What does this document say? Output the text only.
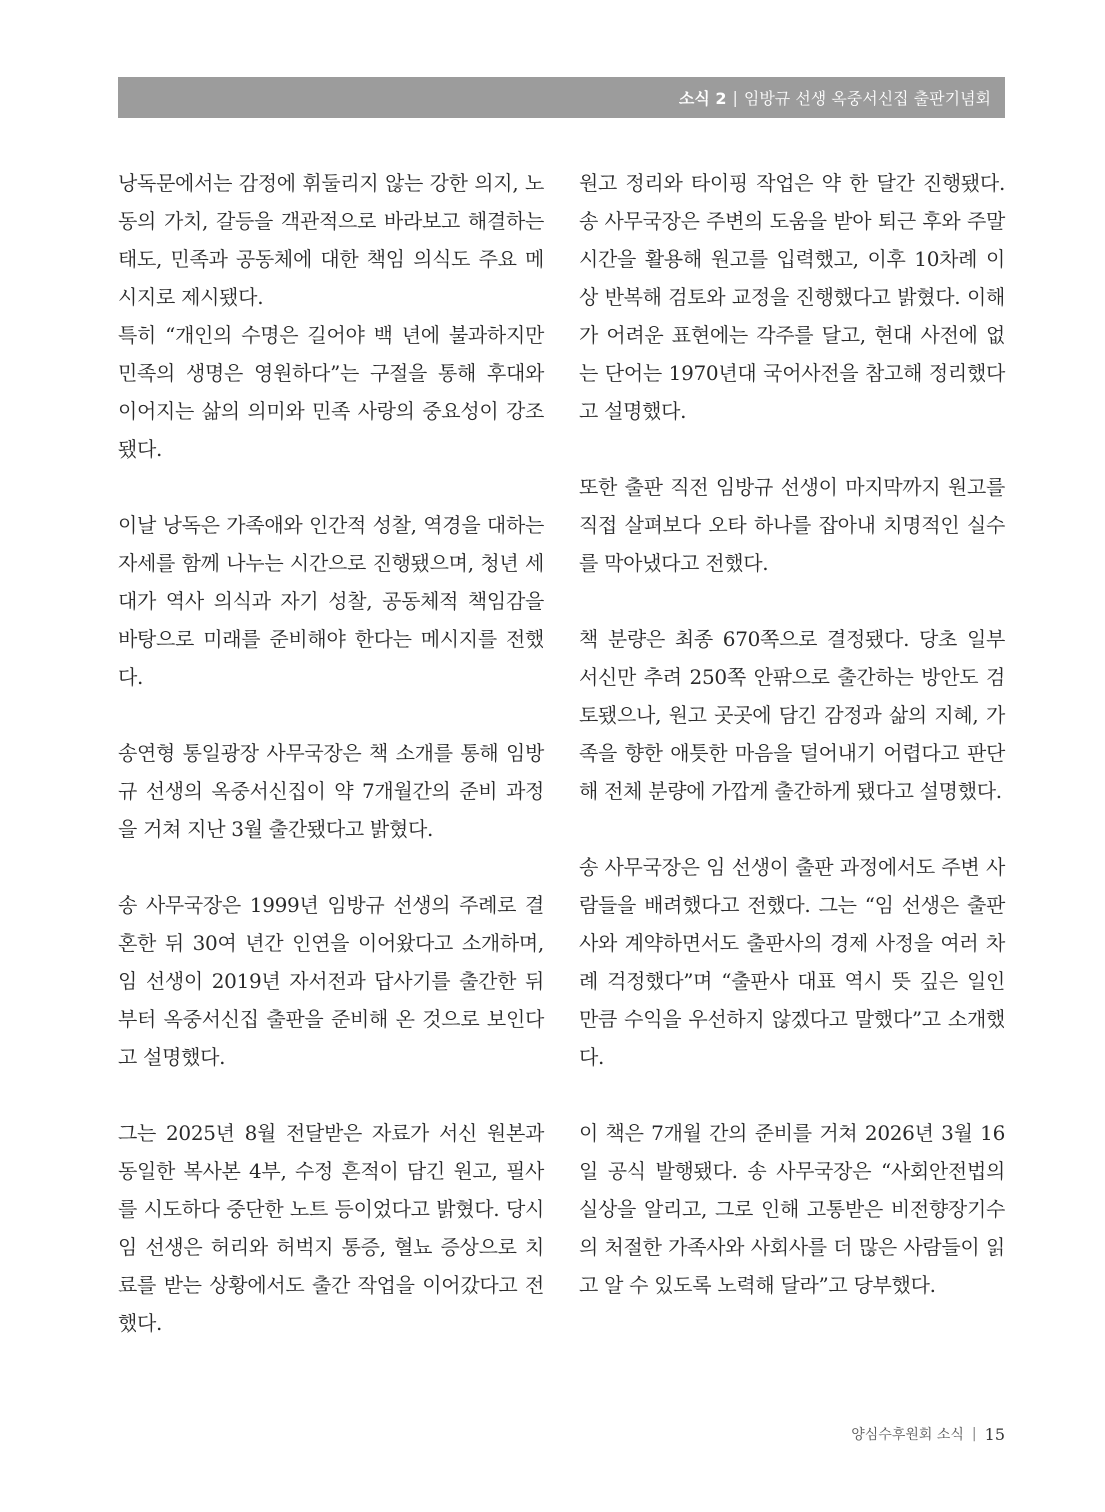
소식 2 | 임방규 선생 옥중서신집 출판기념회

낭독문에서는 감정에 휘둘리지 않는 강한 의지, 노동의 가치, 갈등을 객관적으로 바라보고 해결하는 태도, 민족과 공동체에 대한 책임 의식도 주요 메시지로 제시됐다.

특히 “개인의 수명은 길어야 백 년에 불과하지만 민족의 생명은 영원하다”는 구절을 통해 후대와 이어지는 삶의 의미와 민족 사랑의 중요성이 강조됐다.

이날 낭독은 가족애와 인간적 성찰, 역경을 대하는 자세를 함께 나누는 시간으로 진행됐으며, 청년 세대가 역사 의식과 자기 성찰, 공동체적 책임감을 바탕으로 미래를 준비해야 한다는 메시지를 전했다.

송연형 통일광장 사무국장은 책 소개를 통해 임방규 선생의 옥중서신집이 약 7개월간의 준비 과정을 거쳐 지난 3월 출간됐다고 밝혔다.

송 사무국장은 1999년 임방규 선생의 주례로 결혼한 뒤 30여 년간 인연을 이어왔다고 소개하며, 임 선생이 2019년 자서전과 답사기를 출간한 뒤부터 옥중서신집 출판을 준비해 온 것으로 보인다고 설명했다.

그는 2025년 8월 전달받은 자료가 서신 원본과 동일한 복사본 4부, 수정 흔적이 담긴 원고, 필사를 시도하다 중단한 노트 등이었다고 밝혔다. 당시 임 선생은 허리와 허벅지 통증, 혈뇨 증상으로 치료를 받는 상황에서도 출간 작업을 이어갔다고 전했다.

원고 정리와 타이핑 작업은 약 한 달간 진행됐다. 송 사무국장은 주변의 도움을 받아 퇴근 후와 주말 시간을 활용해 원고를 입력했고, 이후 10차례 이상 반복해 검토와 교정을 진행했다고 밝혔다. 이해가 어려운 표현에는 각주를 달고, 현대 사전에 없는 단어는 1970년대 국어사전을 참고해 정리했다고 설명했다.

또한 출판 직전 임방규 선생이 마지막까지 원고를 직접 살펴보다 오타 하나를 잡아내 치명적인 실수를 막아냈다고 전했다.

책 분량은 최종 670쪽으로 결정됐다. 당초 일부 서신만 추려 250쪽 안팎으로 출간하는 방안도 검토됐으나, 원고 곳곳에 담긴 감정과 삶의 지혜, 가족을 향한 애틋한 마음을 덜어내기 어렵다고 판단해 전체 분량에 가깝게 출간하게 됐다고 설명했다.

송 사무국장은 임 선생이 출판 과정에서도 주변 사람들을 배려했다고 전했다. 그는 “임 선생은 출판사와 계약하면서도 출판사의 경제 사정을 여러 차례 걱정했다”며 “출판사 대표 역시 뜻 깊은 일인 만큼 수익을 우선하지 않겠다고 말했다”고 소개했다.

이 책은 7개월 간의 준비를 거쳐 2026년 3월 16일 공식 발행됐다. 송 사무국장은 “사회안전법의 실상을 알리고, 그로 인해 고통받은 비전향장기수의 처절한 가족사와 사회사를 더 많은 사람들이 읽고 알 수 있도록 노력해 달라”고 당부했다.

양심수후원회 소식 | 15
